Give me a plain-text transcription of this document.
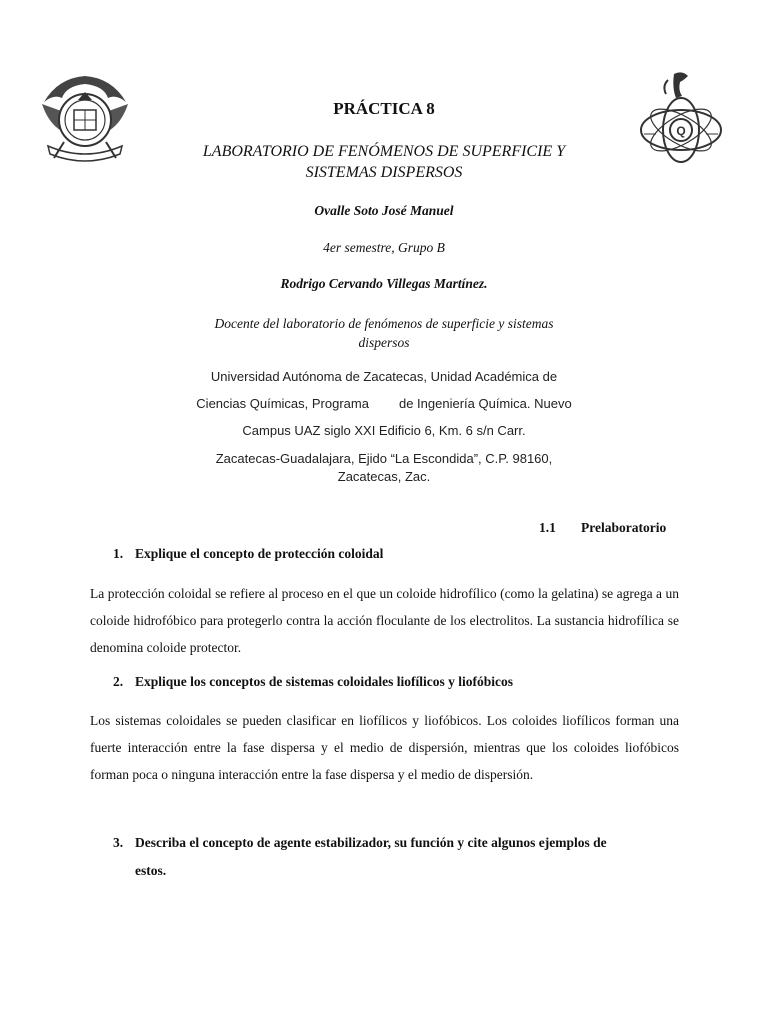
Q
PRÁCTICA 8
LABORATORIO DE FENÓMENOS DE SUPERFICIE Y
SISTEMAS DISPERSOS
Ovalle Soto José Manuel
4er semestre, Grupo B
Rodrigo Cervando Villegas Martínez.
Docente del laboratorio de fenómenos de superficie y sistemas
dispersos
Universidad Autónoma de Zacatecas, Unidad Académica de
Ciencias Químicas, Programa de Ingeniería Química. Nuevo
Campus UAZ siglo XXI Edificio 6, Km. 6 s/n Carr.
Zacatecas-Guadalajara, Ejido “La Escondida”, C.P. 98160,
Zacatecas, Zac.
1.1 Prelaboratorio
1. Explique el concepto de protección coloidal
La protección coloidal se refiere al proceso en el que un coloide hidrofílico (como la gelatina) se agrega a un coloide hidrofóbico para protegerlo contra la acción floculante de los electrolitos. La sustancia hidrofílica se denomina coloide protector.
2. Explique los conceptos de sistemas coloidales liofílicos y liofóbicos
Los sistemas coloidales se pueden clasificar en liofílicos y liofóbicos. Los coloides liofílicos forman una fuerte interacción entre la fase dispersa y el medio de dispersión, mientras que los coloides liofóbicos forman poca o ninguna interacción entre la fase dispersa y el medio de dispersión.
3. Describa el concepto de agente estabilizador, su función y cite algunos ejemplos de
estos.
